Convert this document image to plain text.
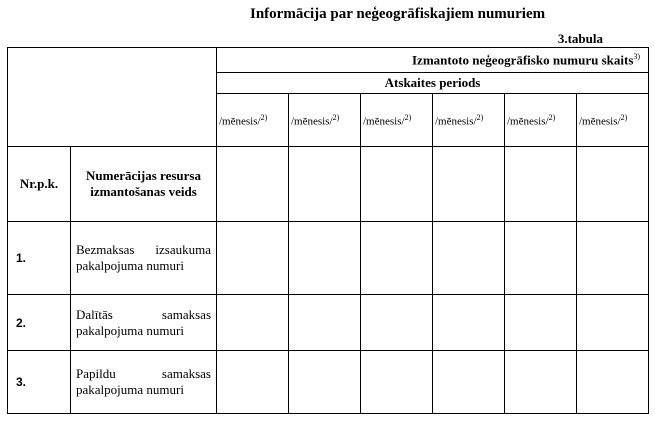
Informācija par neģeogrāfiskajiem numuriem
3.tabula
		Izmantoto neģeogrāfisko numuru skaits$^{3)}$
		Atskaites periods					
		/mēnesis/$^{2)}$	/mēnesis/$^{2)}$	/mēnesis/$^{2)}$	/mēnesis/$^{2)}$	/mēnesis/$^{2)}$	/mēnesis/$^{2)}$
Nr.p.k.	Numerācijas resursa izmantošanas veids						
1.	Bezmaksas izsaukuma pakalpojuma numuri						
2.	Dalītās samaksas pakalpojuma numuri						
3.	Papildu samaksas pakalpojuma numuri						
